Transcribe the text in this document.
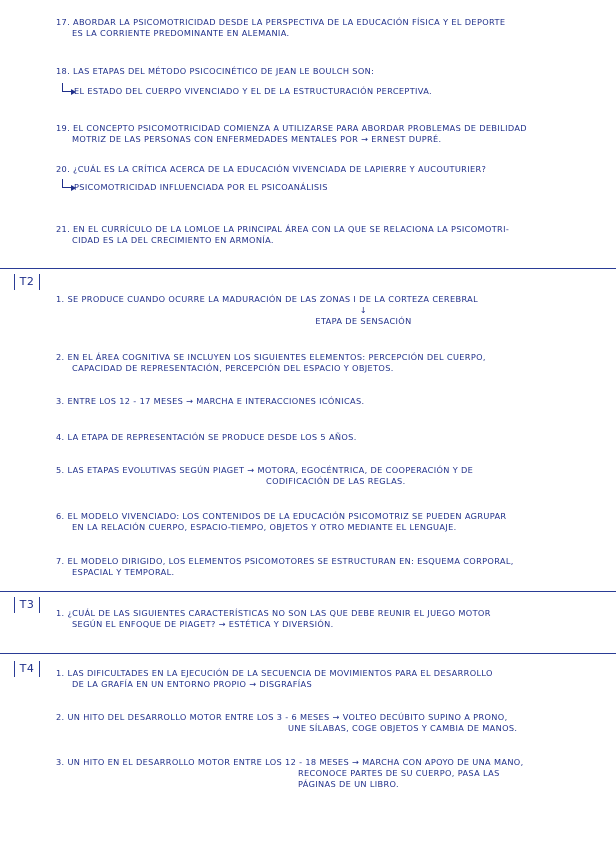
17. ABORDAR LA PSICOMOTRICIDAD DESDE LA PERSPECTIVA DE LA EDUCACIÓN FÍSICA Y EL DEPORTE
ES LA CORRIENTE PREDOMINANTE EN ALEMANIA.
18. LAS ETAPAS DEL MÉTODO PSICOCINÉTICO DE JEAN LE BOULCH SON:
EL ESTADO DEL CUERPO VIVENCIADO Y EL DE LA ESTRUCTURACIÓN PERCEPTIVA.
19. EL CONCEPTO PSICOMOTRICIDAD COMIENZA A UTILIZARSE PARA ABORDAR PROBLEMAS DE DEBILIDAD
MOTRIZ DE LAS PERSONAS CON ENFERMEDADES MENTALES POR → ERNEST DUPRÉ.
20. ¿CUÁL ES LA CRÍTICA ACERCA DE LA EDUCACIÓN VIVENCIADA DE LAPIERRE Y AUCOUTURIER?
PSICOMOTRICIDAD INFLUENCIADA POR EL PSICOANÁLISIS
21. EN EL CURRÍCULO DE LA LOMLOE LA PRINCIPAL ÁREA CON LA QUE SE RELACIONA LA PSICOMOTRI-
CIDAD ES LA DEL CRECIMIENTO EN ARMONÍA.
T2
1. SE PRODUCE CUANDO OCURRE LA MADURACIÓN DE LAS ZONAS I DE LA CORTEZA CEREBRAL
↓
ETAPA DE SENSACIÓN
2. EN EL ÁREA COGNITIVA SE INCLUYEN LOS SIGUIENTES ELEMENTOS: PERCEPCIÓN DEL CUERPO,
CAPACIDAD DE REPRESENTACIÓN, PERCEPCIÓN DEL ESPACIO Y OBJETOS.
3. ENTRE LOS 12 - 17 MESES → MARCHA E INTERACCIONES ICÓNICAS.
4. LA ETAPA DE REPRESENTACIÓN SE PRODUCE DESDE LOS 5 AÑOS.
5. LAS ETAPAS EVOLUTIVAS SEGÚN PIAGET → MOTORA, EGOCÉNTRICA, DE COOPERACIÓN Y DE
CODIFICACIÓN DE LAS REGLAS.
6. EL MODELO VIVENCIADO: LOS CONTENIDOS DE LA EDUCACIÓN PSICOMOTRIZ SE PUEDEN AGRUPAR
EN LA RELACIÓN CUERPO, ESPACIO-TIEMPO, OBJETOS Y OTRO MEDIANTE EL LENGUAJE.
7. EL MODELO DIRIGIDO, LOS ELEMENTOS PSICOMOTORES SE ESTRUCTURAN EN: ESQUEMA CORPORAL,
ESPACIAL Y TEMPORAL.
T3
1. ¿CUÁL DE LAS SIGUIENTES CARACTERÍSTICAS NO SON LAS QUE DEBE REUNIR EL JUEGO MOTOR
SEGÚN EL ENFOQUE DE PIAGET? → ESTÉTICA Y DIVERSIÓN.
T4	1. LAS DIFICULTADES EN LA EJECUCIÓN DE LA SECUENCIA DE MOVIMIENTOS PARA EL DESARROLLO
DE LA GRAFÍA EN UN ENTORNO PROPIO → DISGRAFÍAS
2. UN HITO DEL DESARROLLO MOTOR ENTRE LOS 3 - 6 MESES → VOLTEO DECÚBITO SUPINO A PRONO,
UNE SÍLABAS, COGE OBJETOS Y CAMBIA DE MANOS.
3. UN HITO EN EL DESARROLLO MOTOR ENTRE LOS 12 - 18 MESES → MARCHA CON APOYO DE UNA MANO,
RECONOCE PARTES DE SU CUERPO, PASA LAS
PÁGINAS DE UN LIBRO.
